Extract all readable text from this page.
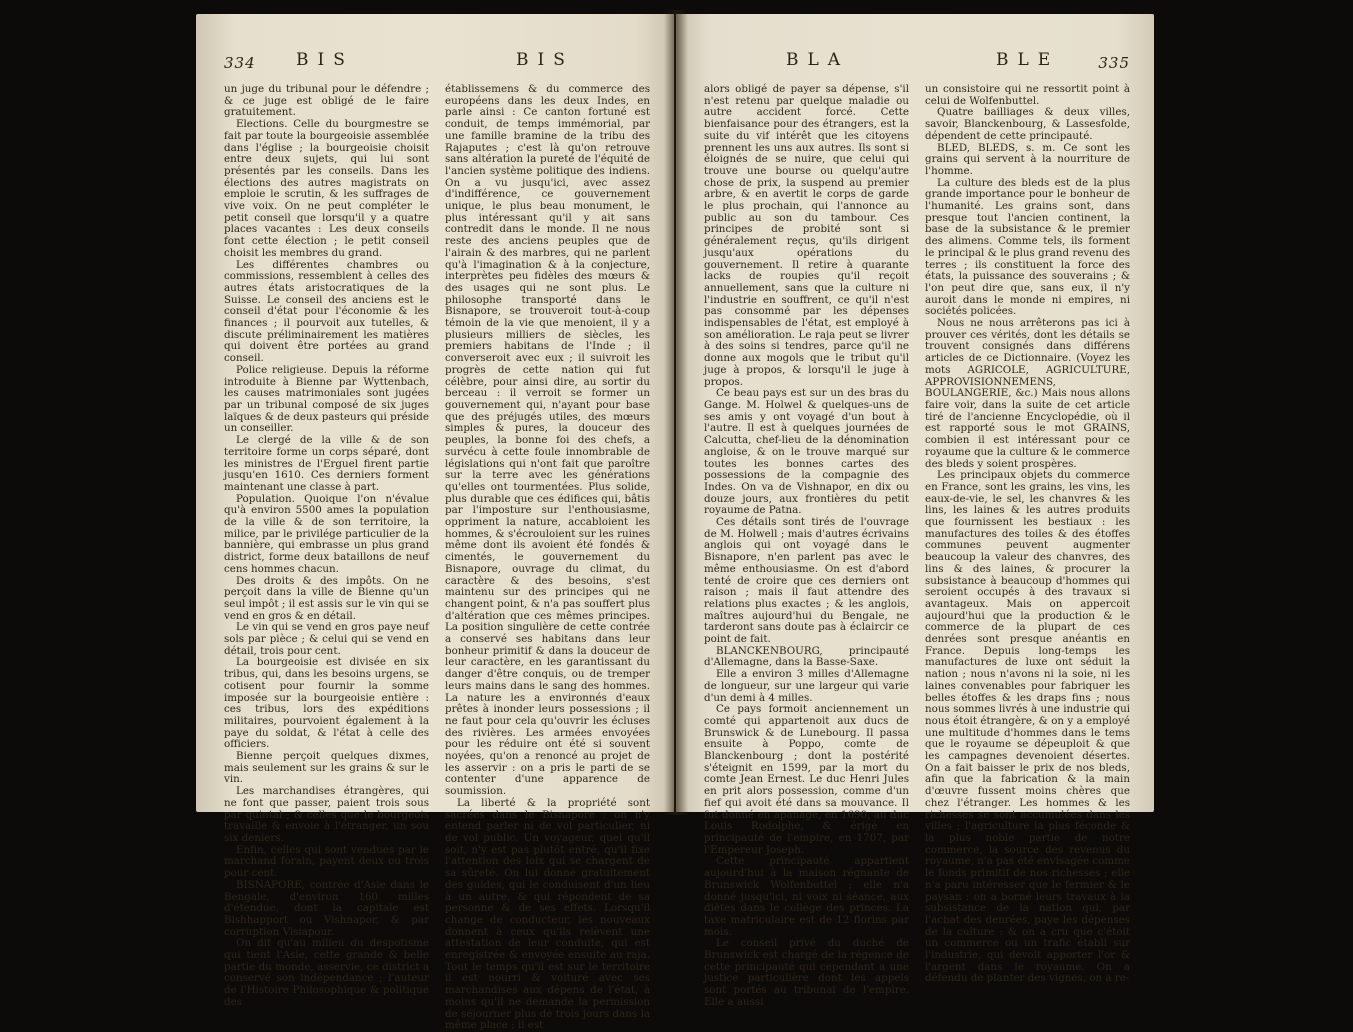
334 BIS	BIS

un juge du tribunal pour le défendre ; & ce juge est obligé de le faire gratuitement.

Elections. Celle du bourgmestre se fait par toute la bourgeoisie assemblée dans l'église ; la bourgeoisie choisit entre deux sujets, qui lui sont présentés par les conseils. Dans les élections des autres magistrats on emploie le scrutin, & les suffrages de vive voix. On ne peut compléter le petit conseil que lorsqu'il y a quatre places vacantes : Les deux conseils font cette élection ; le petit conseil choisit les membres du grand.

Les différentes chambres ou commissions, ressemblent à celles des autres états aristocratiques de la Suisse. Le conseil des anciens est le conseil d'état pour l'économie & les finances ; il pourvoit aux tutelles, & discute préliminairement les matières qui doivent être portées au grand conseil.

Police religieuse. Depuis la réforme introduite à Bienne par Wyttenbach, les causes matrimoniales sont jugées par un tribunal composé de six juges laïques & de deux pasteurs qui préside un conseiller.

Le clergé de la ville & de son territoire forme un corps séparé, dont les ministres de l'Erguel firent partie jusqu'en 1610. Ces derniers forment maintenant une classe à part.

Population. Quoique l'on n'évalue qu'à environ 5500 ames la population de la ville & de son territoire, la milice, par le privilége particulier de la bannière, qui embrasse un plus grand district, forme deux bataillons de neuf cens hommes chacun.

Des droits & des impôts. On ne perçoit dans la ville de Bienne qu'un seul impôt ; il est assis sur le vin qui se vend en gros & en détail.

Le vin qui se vend en gros paye neuf sols par pièce ; & celui qui se vend en détail, trois pour cent.

La bourgeoisie est divisée en six tribus, qui, dans les besoins urgens, se cotisent pour fournir la somme imposée sur la bourgeoisie entière : ces tribus, lors des expéditions militaires, pourvoient également à la paye du soldat, & l'état à celle des officiers.

Bienne perçoit quelques dixmes, mais seulement sur les grains & sur le vin.

Les marchandises étrangères, qui ne font que passer, paient trois sous par quintal ; & celles que le bourgeois travaille & envoie à l'étranger, un sou six deniers.

Enfin, celles qui sont vendues par le marchand forain, payent deux ou trois pour cent.

BISNAPORE, contrée d'Asie dans le Bengale, d'environ 160 milles d'étendue, dont la capitale est Bishhapport ou Vishnapor, & par corruption Visiapour.

On dit qu'au milieu du despotisme qui tient l'Asie, cette grande & belle partie du monde, asservie, ce district a conservé son indépendance ; l'auteur de l'Histoire Philosophique & politique des

établissemens & du commerce des européens dans les deux Indes, en parle ainsi : Ce canton fortuné est conduit, de temps immémorial, par une famille bramine de la tribu des Rajaputes ; c'est là qu'on retrouve sans altération la pureté de l'équité de l'ancien système politique des indiens. On a vu jusqu'ici, avec assez d'indifférence, ce gouvernement unique, le plus beau monument, le plus intéressant qu'il y ait sans contredit dans le monde. Il ne nous reste des anciens peuples que de l'airain & des marbres, qui ne parlent qu'à l'imagination & à la conjecture, interprètes peu fidèles des mœurs & des usages qui ne sont plus. Le philosophe transporté dans le Bisnapore, se trouveroit tout-à-coup témoin de la vie que menoient, il y a plusieurs milliers de siècles, les premiers habitans de l'Inde ; il converseroit avec eux ; il suivroit les progrès de cette nation qui fut célèbre, pour ainsi dire, au sortir du berceau : il verroit se former un gouvernement qui, n'ayant pour base que des préjugés utiles, des mœurs simples & pures, la douceur des peuples, la bonne foi des chefs, a survécu à cette foule innombrable de législations qui n'ont fait que paroître sur la terre avec les générations qu'elles ont tourmentées. Plus solide, plus durable que ces édifices qui, bâtis par l'imposture sur l'enthousiasme, oppriment la nature, accabloient les hommes, & s'écrouloient sur les ruines même dont ils avoient été fondés & cimentés, le gouvernement du Bisnapore, ouvrage du climat, du caractère & des besoins, s'est maintenu sur des principes qui ne changent point, & n'a pas souffert plus d'altération que ces mêmes principes. La position singulière de cette contrée a conservé ses habitans dans leur bonheur primitif & dans la douceur de leur caractère, en les garantissant du danger d'être conquis, ou de tremper leurs mains dans le sang des hommes. La nature les a environnés d'eaux prêtes à inonder leurs possessions ; il ne faut pour cela qu'ouvrir les écluses des rivières. Les armées envoyées pour les réduire ont été si souvent noyées, qu'on a renoncé au projet de les asservir : on a pris le parti de se contenter d'une apparence de soumission.

La liberté & la propriété sont sacrées dans le Bisnapore : on n'y entend parler ni de vol particulier, ni de vol public. Un voyageur, quel qu'il soit, n'y est pas plutôt entré, qu'il fixe l'attention des loix qui se chargent de sa sûreté. On lui donne gratuitement des guides, qui le conduisent d'un lieu à un autre, & qui répondent de sa personne & de ses effets. Lorsqu'il change de conducteur, les nouveaux donnent à ceux qu'ils relèvent une attestation de leur conduite, qui est enregistrée & envoyée ensuite au raja. Tout le temps qu'il est sur le territoire il est nourri & voituré avec ses marchandises aux dépens de l'état, à moins qu'il ne demande la permission de séjourner plus de trois jours dans la même place ; il est

BLA	BLE	335

alors obligé de payer sa dépense, s'il n'est retenu par quelque maladie ou autre accident forcé. Cette bienfaisance pour des étrangers, est la suite du vif intérêt que les citoyens prennent les uns aux autres. Ils sont si éloignés de se nuire, que celui qui trouve une bourse ou quelqu'autre chose de prix, la suspend au premier arbre, & en avertit le corps de garde le plus prochain, qui l'annonce au public au son du tambour. Ces principes de probité sont si généralement reçus, qu'ils dirigent jusqu'aux opérations du gouvernement. Il retire à quarante lacks de roupies qu'il reçoit annuellement, sans que la culture ni l'industrie en souffrent, ce qu'il n'est pas consommé par les dépenses indispensables de l'état, est employé à son amélioration. Le raja peut se livrer à des soins si tendres, parce qu'il ne donne aux mogols que le tribut qu'il juge à propos, & lorsqu'il le juge à propos.

Ce beau pays est sur un des bras du Gange. M. Holwel & quelques-uns de ses amis y ont voyagé d'un bout à l'autre. Il est à quelques journées de Calcutta, chef-lieu de la dénomination angloise, & on le trouve marqué sur toutes les bonnes cartes des possessions de la compagnie des Indes. On va de Vishnapor, en dix ou douze jours, aux frontières du petit royaume de Patna.

Ces détails sont tirés de l'ouvrage de M. Holwell ; mais d'autres écrivains anglois qui ont voyagé dans le Bisnapore, n'en parlent pas avec le même enthousiasme. On est d'abord tenté de croire que ces derniers ont raison ; mais il faut attendre des relations plus exactes ; & les anglois, maîtres aujourd'hui du Bengale, ne tarderont sans doute pas à éclaircir ce point de fait.

BLANCKENBOURG, principauté d'Allemagne, dans la Basse-Saxe.

Elle a environ 3 milles d'Allemagne de longueur, sur une largeur qui varie d'un demi à 4 milles.

Ce pays formoit anciennement un comté qui appartenoit aux ducs de Brunswick & de Lunebourg. Il passa ensuite à Poppo, comte de Blanckenbourg ; dont la postérité s'éteignit en 1599, par la mort du comte Jean Ernest. Le duc Henri Jules en prit alors possession, comme d'un fief qui avoit été dans sa mouvance. Il fut donné en apanage, en 1690, au duc Louis Rodolphe, & érigé en principauté de l'empire, en 1707, par l'Empereur Joseph.

Cette principauté appartient aujourd'hui à la maison régnante de Brunswick Wolfenbuttel ; elle n'a donné jusqu'ici, ni voix ni séance, aux diètes dans le collège des princes. La taxe matriculaire est de 12 florins par mois.

Le conseil privé du duché de Brunswick est chargé de la régence de cette principauté qui cependant a une justice particulière dont les appels sont portés au tribunal de l'empire. Elle a aussi

un consistoire qui ne ressortit point à celui de Wolfenbuttel.

Quatre bailliages & deux villes, savoir, Blanckenbourg, & Lassesfolde, dépendent de cette principauté.

BLED, BLEDS, s. m. Ce sont les grains qui servent à la nourriture de l'homme.

La culture des bleds est de la plus grande importance pour le bonheur de l'humanité. Les grains sont, dans presque tout l'ancien continent, la base de la subsistance & le premier des alimens. Comme tels, ils forment le principal & le plus grand revenu des terres ; ils constituent la force des états, la puissance des souverains ; & l'on peut dire que, sans eux, il n'y auroit dans le monde ni empires, ni sociétés policées.

Nous ne nous arrêterons pas ici à prouver ces vérités, dont les détails se trouvent consignés dans différens articles de ce Dictionnaire. (Voyez les mots AGRICOLE, AGRICULTURE, APPROVISIONNEMENS, BOULANGERIE, &c.) Mais nous allons faire voir, dans la suite de cet article tiré de l'ancienne Encyclopédie, où il est rapporté sous le mot GRAINS, combien il est intéressant pour ce royaume que la culture & le commerce des bleds y soient prospères.

Les principaux objets du commerce en France, sont les grains, les vins, les eaux-de-vie, le sel, les chanvres & les lins, les laines & les autres produits que fournissent les bestiaux : les manufactures des toiles & des étoffes communes peuvent augmenter beaucoup la valeur des chanvres, des lins & des laines, & procurer la subsistance à beaucoup d'hommes qui seroient occupés à des travaux si avantageux. Mais on appercoit aujourd'hui que la production & le commerce de la plupart de ces denrées sont presque anéantis en France. Depuis long-temps les manufactures de luxe ont séduit la nation ; nous n'avons ni la soie, ni les laines convenables pour fabriquer les belles étoffes & les draps fins ; nous nous sommes livrés à une industrie qui nous étoit étrangère, & on y a employé une multitude d'hommes dans le tems que le royaume se dépeuploit & que les campagnes devenoient désertes. On a fait baisser le prix de nos bleds, afin que la fabrication & la main d'œuvre fussent moins chères que chez l'étranger. Les hommes & les richesses se sont accumulées dans les villes ; l'agriculture la plus féconde & la plus noble partie de notre commerce, la source des revenus du royaume, n'a pas été envisagée comme le fonds primitif de nos richesses ; elle n'a paru intéresser que le fermier & le paysan : on a borné leurs travaux à la subsistance de la nation qui, par l'achat des denrées, paye les dépenses de la culture : & on a cru que c'étoit un commerce ou un trafic établi sur l'industrie, qui devoit apporter l'or & l'argent dans le royaume. On a défendu de planter des vignes, on a re-
